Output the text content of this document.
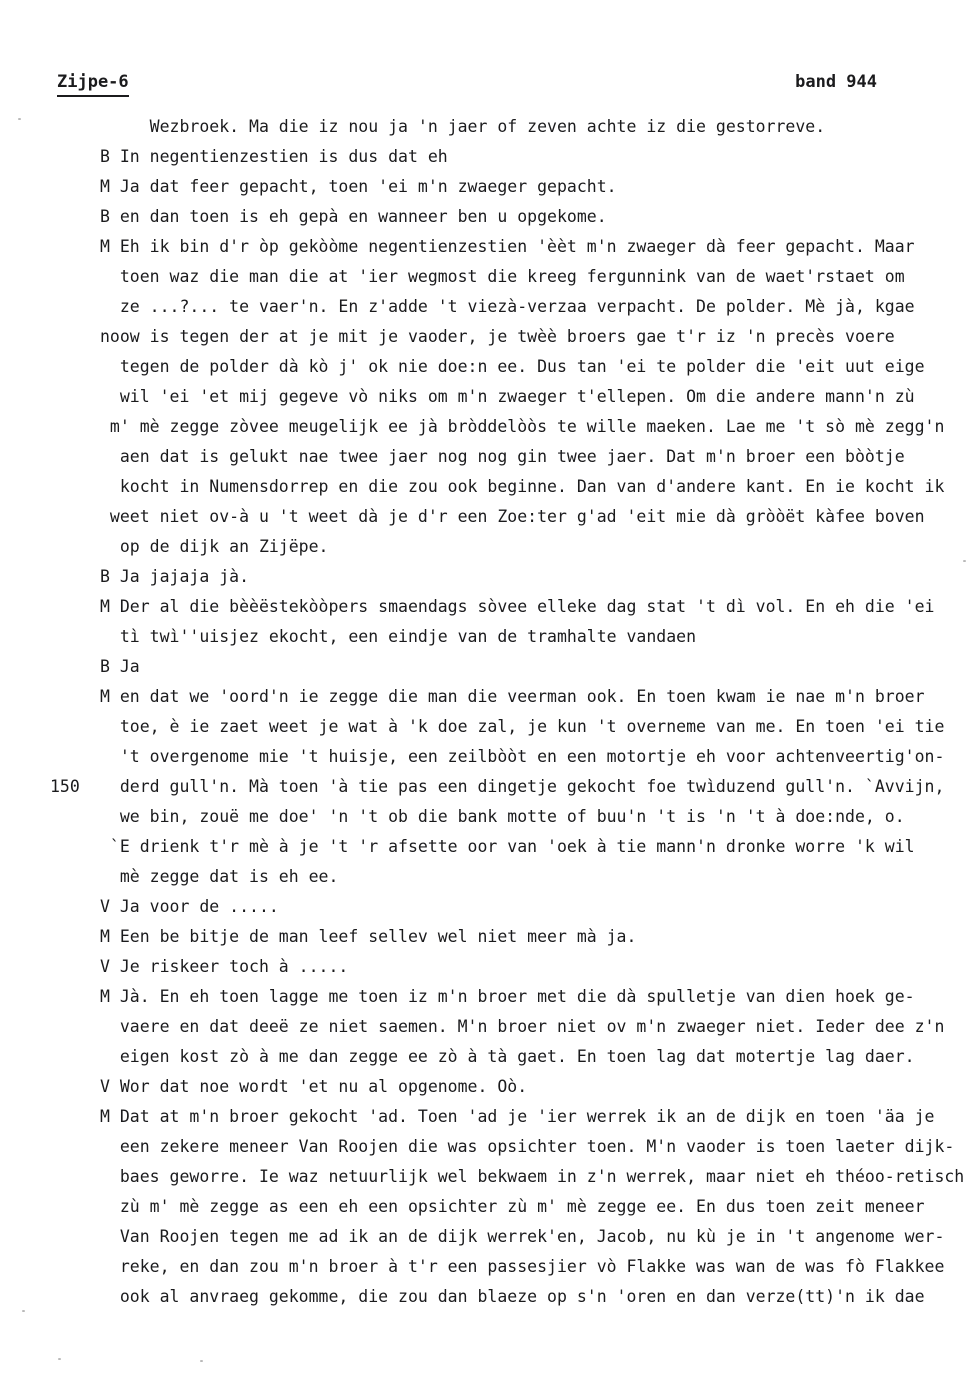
Zijpe-6	band 944
Wezbroek. Ma die iz nou ja 'n jaer of zeven achte iz die gestorreve.
B In negentienzestien is dus dat eh
M Ja dat feer gepacht, toen 'ei m'n zwaeger gepacht.
B en dan toen is eh gepà en wanneer ben u opgekome.
M Eh ik bin d'r òp gekòòme negentienzestien 'èèt m'n zwaeger dà feer gepacht. Maar
toen waz die man die at 'ier wegmost die kreeg fergunnink van de waet'rstaet om
ze ...?... te vaer'n. En z'adde 't viezà-verzaa verpacht. De polder. Mè jà, kgae
noow is tegen der at je mit je vaoder, je twèè broers gae t'r iz 'n precès voere
tegen de polder dà kò j' ok nie doe:n ee. Dus tan 'ei te polder die 'eit uut eige
wil 'ei 'et mij gegeve vò niks om m'n zwaeger t'ellepen. Om die andere mann'n zù
m' mè zegge zòvee meugelijk ee jà bròddelòòs te wille maeken. Lae me 't sò mè zegg'n
aen dat is gelukt nae twee jaer nog nog gin twee jaer. Dat m'n broer een bòòtje
kocht in Numensdorrep en die zou ook beginne. Dan van d'andere kant. En ie kocht ik
weet niet ov-à u 't weet dà je d'r een Zoe:ter g'ad 'eit mie dà gròòët kàfee boven
op de dijk an Zijëpe.
B Ja jajaja jà.
M Der al die bèèëstekòòpers smaendags sòvee elleke dag stat 't dì vol. En eh die 'ei
tì twì''uisjez ekocht, een eindje van de tramhalte vandaen
B Ja
M en dat we 'oord'n ie zegge die man die veerman ook. En toen kwam ie nae m'n broer
toe, è ie zaet weet je wat à 'k doe zal, je kun 't overneme van me. En toen 'ei tie
't overgenome mie 't huisje, een zeilbòòt en een motortje eh voor achtenveertig'on-
150	derd gull'n. Mà toen 'à tie pas een dingetje gekocht foe twìduzend gull'n. `Avvijn,
we bin, zouë me doe' 'n 't ob die bank motte of buu'n 't is 'n 't à doe:nde, o.
`E drienk t'r mè à je 't 'r afsette oor van 'oek à tie mann'n dronke worre 'k wil
mè zegge dat is eh ee.
V Ja voor de .....
M Een be bitje de man leef sellev wel niet meer mà ja.
V Je riskeer toch à .....
M Jà. En eh toen lagge me toen iz m'n broer met die dà spulletje van dien hoek ge-
vaere en dat deeë ze niet saemen. M'n broer niet ov m'n zwaeger niet. Ieder dee z'n
eigen kost zò à me dan zegge ee zò à tà gaet. En toen lag dat motertje lag daer.
V Wor dat noe wordt 'et nu al opgenome. Oò.
M Dat at m'n broer gekocht 'ad. Toen 'ad je 'ier werrek ik an de dijk en toen 'äa je
een zekere meneer Van Roojen die was opsichter toen. M'n vaoder is toen laeter dijk-
baes geworre. Ie waz netuurlijk wel bekwaem in z'n werrek, maar niet eh théoo-retisch
zù m' mè zegge as een eh een opsichter zù m' mè zegge ee. En dus toen zeit meneer
Van Roojen tegen me ad ik an de dijk werrek'en, Jacob, nu kù je in 't angenome wer-
reke, en dan zou m'n broer à t'r een passesjier vò Flakke was wan de was fò Flakkee
ook al anvraeg gekomme, die zou dan blaeze op s'n 'oren en dan verze(tt)'n ik dae
